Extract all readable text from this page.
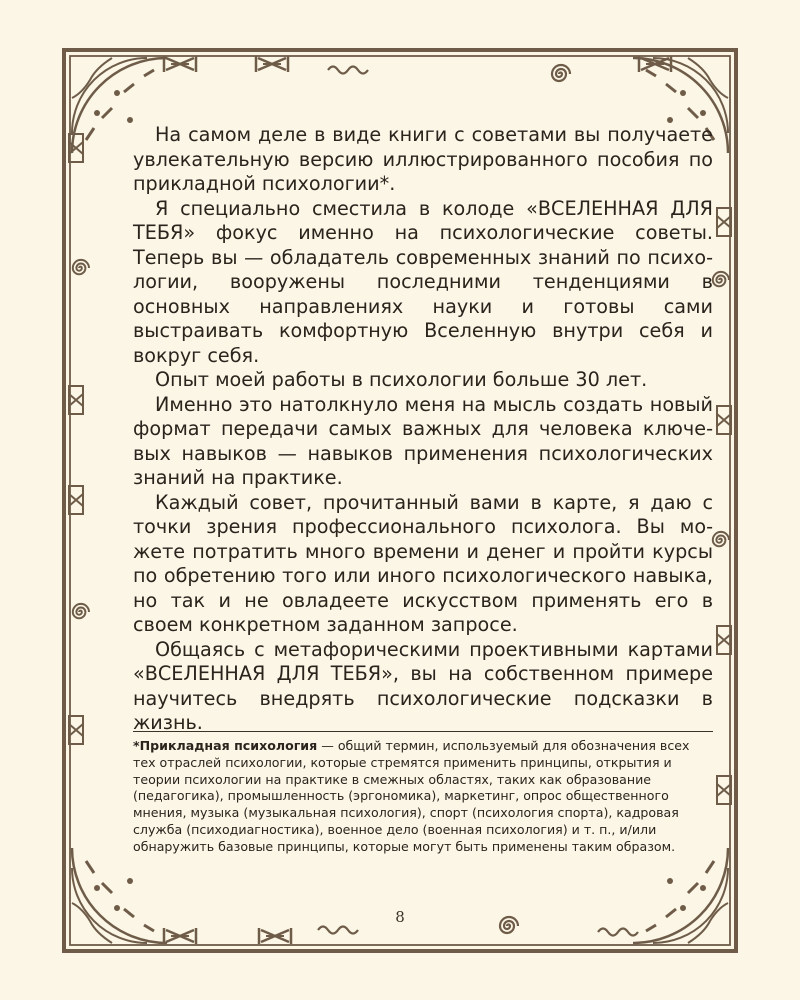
На самом деле в виде книги с советами вы получаете увлекательную версию иллюстрированного пособия по прикладной психологии*.

Я специально сместила в колоде «ВСЕЛЕННАЯ ДЛЯ ТЕБЯ» фокус именно на психологические советы. Теперь вы — обладатель современных знаний по психологии, вооружены последними тенденциями в основных направлениях науки и готовы сами выстраивать комфортную Вселенную внутри себя и вокруг себя.

Опыт моей работы в психологии больше 30 лет.

Именно это натолкнуло меня на мысль создать новый формат передачи самых важных для человека ключевых навыков — навыков применения психологических знаний на практике.

Каждый совет, прочитанный вами в карте, я даю с точки зрения профессионального психолога. Вы можете потратить много времени и денег и пройти курсы по обретению того или иного психологического навыка, но так и не овладеете искусством применять его в своем конкретном заданном запросе.

Общаясь с метафорическими проективными картами «ВСЕЛЕННАЯ ДЛЯ ТЕБЯ», вы на собственном примере научитесь внедрять психологические подсказки в жизнь.

*Прикладная психология — общий термин, используемый для обозначения всех тех отраслей психологии, которые стремятся применить принципы, открытия и теории психологии на практике в смежных областях, таких как образование (педагогика), промышленность (эргономика), маркетинг, опрос общественного мнения, музыка (музыкальная психология), спорт (психология спорта), кадровая служба (психодиагностика), военное дело (военная психология) и т. п., и/или обнаружить базовые принципы, которые могут быть применены таким образом.
8
